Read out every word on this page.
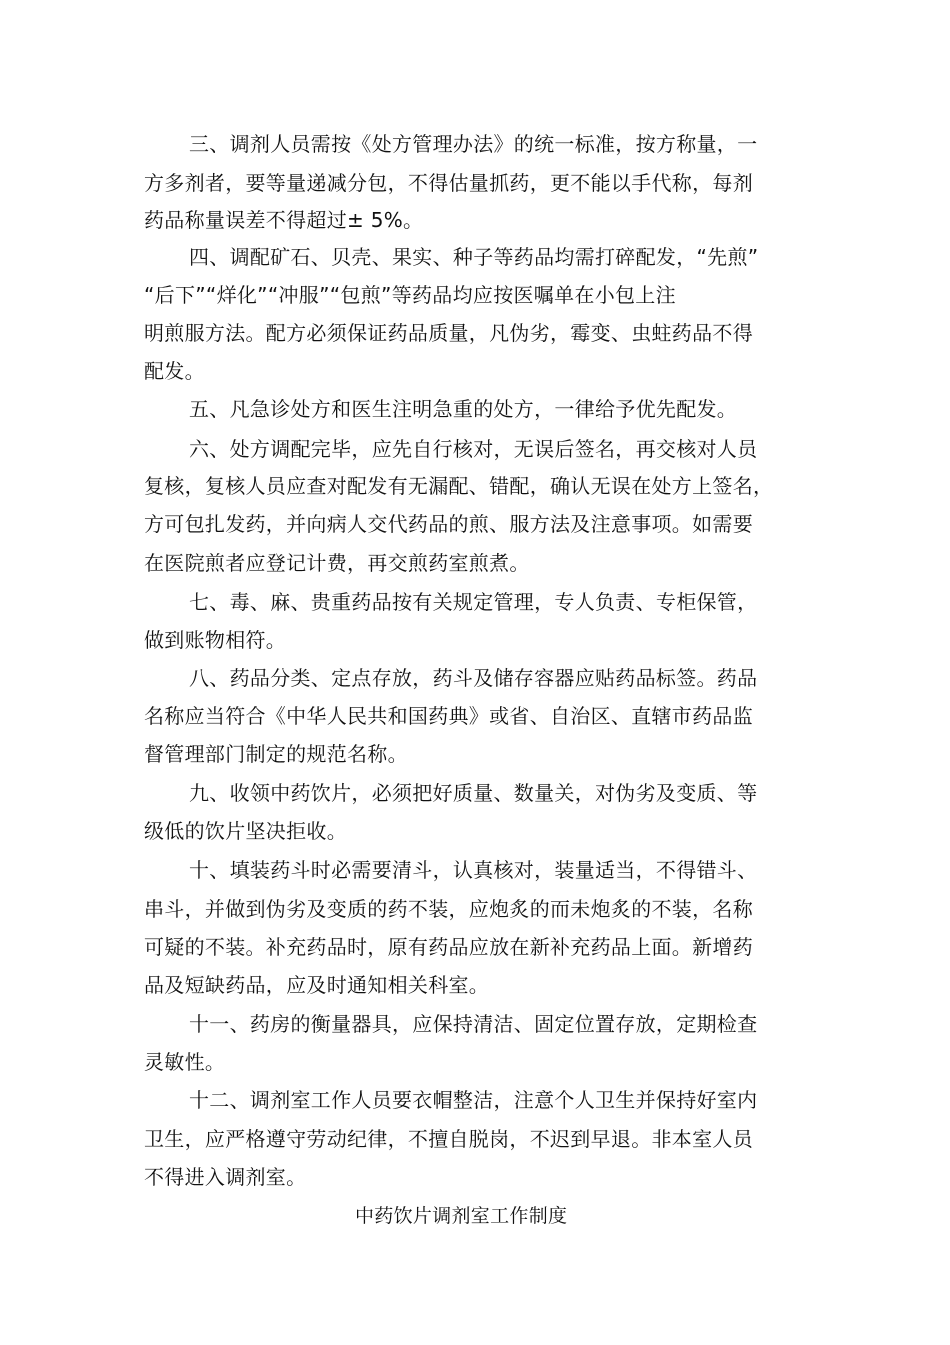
三、调剂人员需按《处方管理办法》的统一标准，按方称量，一
方多剂者，要等量递减分包，不得估量抓药，更不能以手代称，每剂
药品称量误差不得超过± 5%。
四、调配矿石、贝壳、果实、种子等药品均需打碎配发，“先煎”
“后下”“烊化”“冲服”“包煎”等药品均应按医嘱单在小包上注
明煎服方法。配方必须保证药品质量，凡伪劣，霉变、虫蛀药品不得
配发。
五、凡急诊处方和医生注明急重的处方，一律给予优先配发。
六、处方调配完毕，应先自行核对，无误后签名，再交核对人员
复核，复核人员应查对配发有无漏配、错配，确认无误在处方上签名，
方可包扎发药，并向病人交代药品的煎、服方法及注意事项。如需要
在医院煎者应登记计费，再交煎药室煎煮。
七、毒、麻、贵重药品按有关规定管理，专人负责、专柜保管，
做到账物相符。
八、药品分类、定点存放，药斗及储存容器应贴药品标签。药品
名称应当符合《中华人民共和国药典》或省、自治区、直辖市药品监
督管理部门制定的规范名称。
九、收领中药饮片，必须把好质量、数量关，对伪劣及变质、等
级低的饮片坚决拒收。
十、填装药斗时必需要清斗，认真核对，装量适当，不得错斗、
串斗，并做到伪劣及变质的药不装，应炮炙的而未炮炙的不装，名称
可疑的不装。补充药品时，原有药品应放在新补充药品上面。新增药
品及短缺药品，应及时通知相关科室。
十一、药房的衡量器具，应保持清洁、固定位置存放，定期检查
灵敏性。
十二、调剂室工作人员要衣帽整洁，注意个人卫生并保持好室内
卫生，应严格遵守劳动纪律，不擅自脱岗，不迟到早退。非本室人员
不得进入调剂室。
中药饮片调剂室工作制度
